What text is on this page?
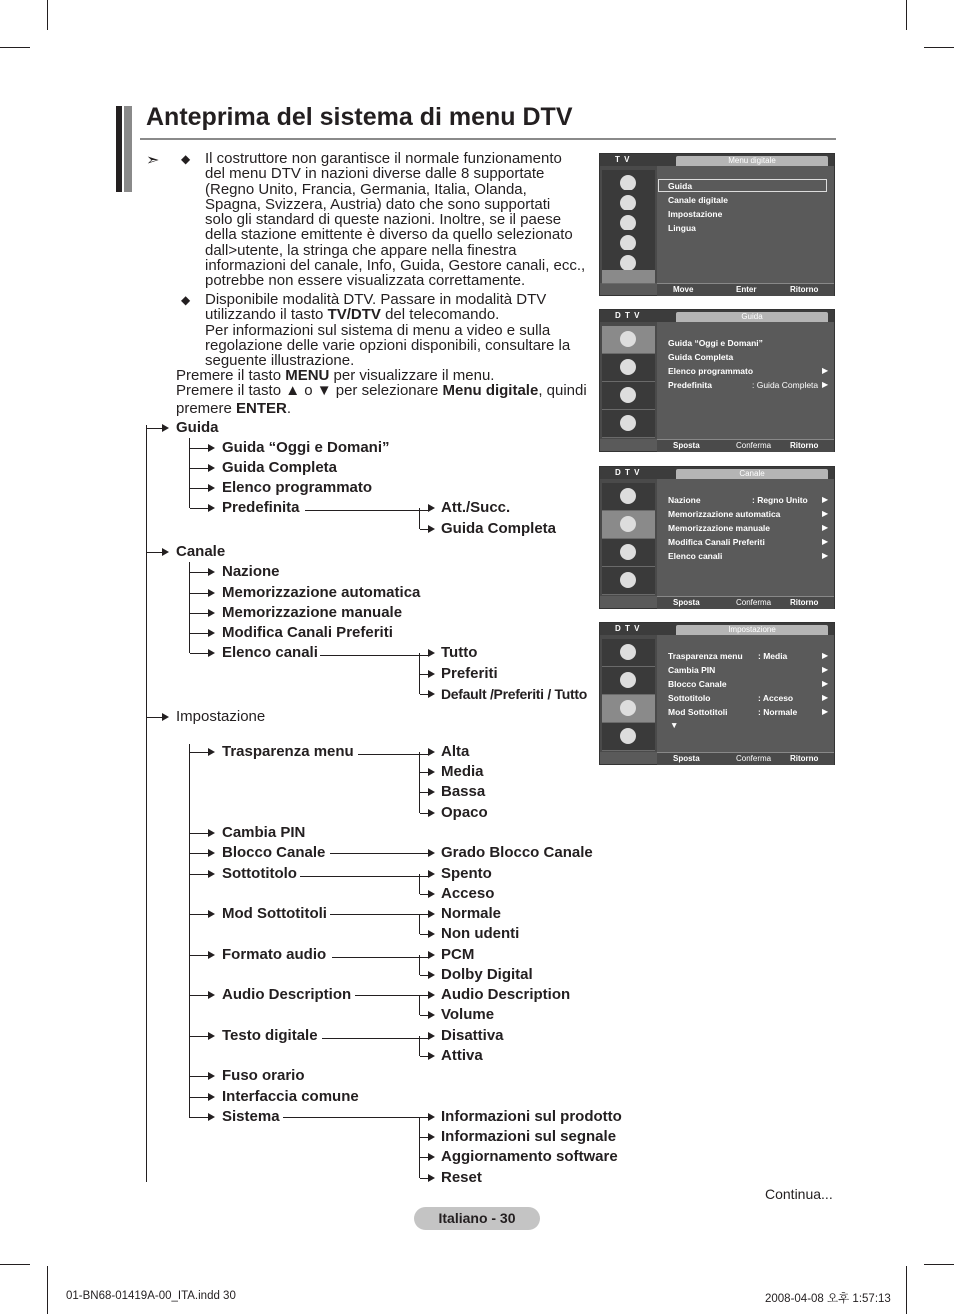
Anteprima del sistema di menu DTV
➣ ◆ Il costruttore non garantisce il normale funzionamento
del menu DTV in nazioni diverse dalle 8 supportate
(Regno Unito, Francia, Germania, Italia, Olanda,
Spagna, Svizzera, Austria) dato che sono supportati
solo gli standard di queste nazioni. Inoltre, se il paese
della stazione emittente è diverso da quello selezionato
dall>utente, la stringa che appare nella finestra
informazioni del canale, Info, Guida, Gestore canali, ecc.,
potrebbe non essere visualizzata correttamente.
◆ Disponibile modalità DTV. Passare in modalità DTV
utilizzando il tasto TV/DTV del telecomando.
Per informazioni sul sistema di menu a video e sulla
regolazione delle varie opzioni disponibili, consultare la
seguente illustrazione.
Premere il tasto MENU per visualizzare il menu.
Premere il tasto ▲ o ▼ per selezionare Menu digitale, quindi
premere ENTER.
Guida
Canale
Impostazione
Guida “Oggi e Domani”
Guida Completa
Elenco programmato
Predefinita	Att./Succ.
Guida Completa
Nazione
Memorizzazione automatica
Memorizzazione manuale
Modifica Canali Preferiti
Elenco canali	Tutto
Preferiti
Default /Preferiti / Tutto
Trasparenza menu	Alta
Media
Bassa
Opaco
Cambia PIN
Blocco Canale	Grado Blocco Canale
Sottotitolo	Spento
Acceso
Mod Sottotitoli	Normale
Non udenti
Formato audio	PCM
Dolby Digital
Audio Description	Audio Description
Volume
Testo digitale	Disattiva
Attiva
Fuso orario
Interfaccia comune
Sistema	Informazioni sul prodotto
Informazioni sul segnale
Aggiornamento software
Reset
T V	Menu digitale
Guida
Canale digitale
Impostazione
Lingua
Move	Enter	Ritorno
D T V	Guida
Guida “Oggi e Domani”
Guida Completa
Elenco programmato	▶
Predefinita	: Guida Completa ▶
Sposta	Conferma Ritorno
D T V	Canale
Nazione	: Regno Unito ▶
Memorizzazione automatica	▶
Memorizzazione manuale	▶
Modifica Canali Preferiti	▶
Elenco canali	▶
Sposta	Conferma Ritorno
D T V	Impostazione
Trasparenza menu : Media	▶
Cambia PIN	▶
Blocco Canale	▶
Sottotitolo	: Acceso	▶
Mod Sottotitoli	: Normale	▶
▼
Sposta	Conferma Ritorno
Continua...
Italiano - 30
01-BN68-01419A-00_ITA.indd 30	2008-04-08 오후 1:57:13
